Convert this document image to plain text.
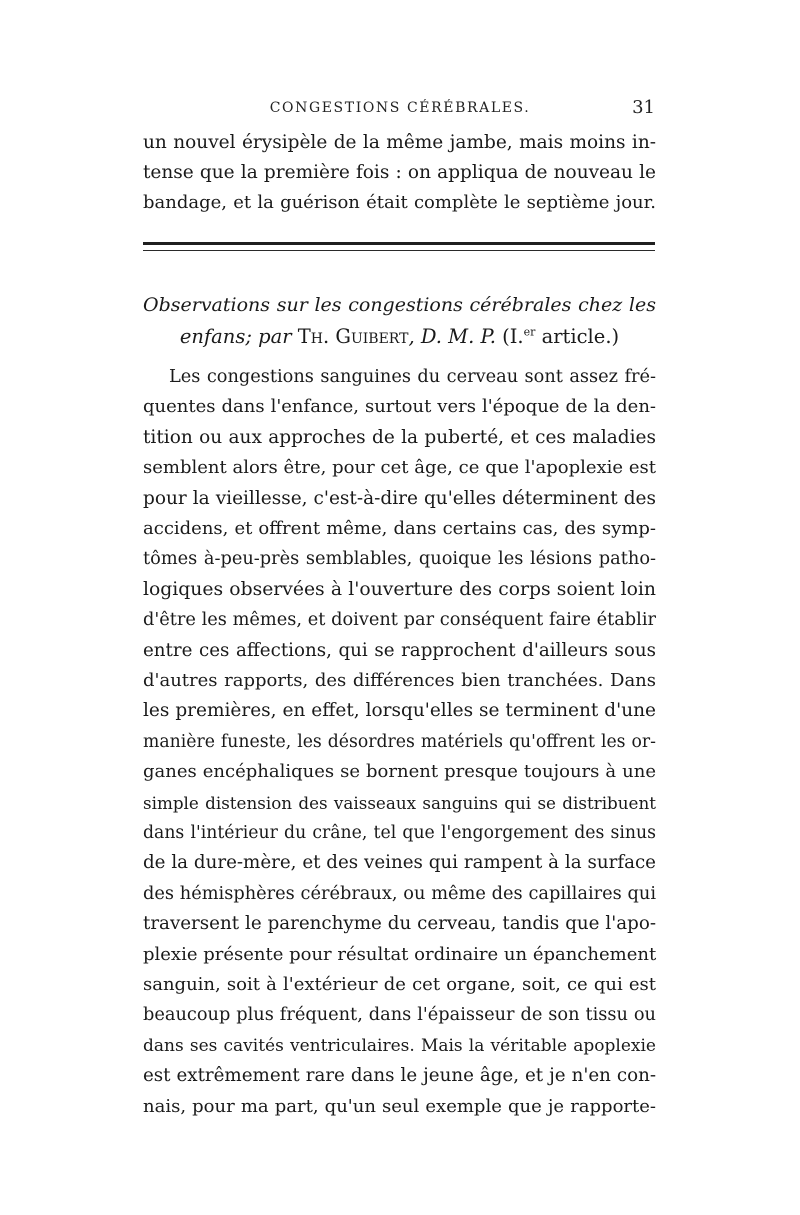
CONGESTIONS CÉRÉBRALES.	31
un nouvel érysipèle de la même jambe, mais moins in-
tense que la première fois : on appliqua de nouveau le
bandage, et la guérison était complète le septième jour.
Observations sur les congestions cérébrales chez les
enfans; par Th. Guibert, D. M. P. (I.$^{er}$ article.)
Les congestions sanguines du cerveau sont assez fré-
quentes dans l'enfance, surtout vers l'époque de la den-
tition ou aux approches de la puberté, et ces maladies
semblent alors être, pour cet âge, ce que l'apoplexie est
pour la vieillesse, c'est-à-dire qu'elles déterminent des
accidens, et offrent même, dans certains cas, des symp-
tômes à-peu-près semblables, quoique les lésions patho-
logiques observées à l'ouverture des corps soient loin
d'être les mêmes, et doivent par conséquent faire établir
entre ces affections, qui se rapprochent d'ailleurs sous
d'autres rapports, des différences bien tranchées. Dans
les premières, en effet, lorsqu'elles se terminent d'une
manière funeste, les désordres matériels qu'offrent les or-
ganes encéphaliques se bornent presque toujours à une
simple distension des vaisseaux sanguins qui se distribuent
dans l'intérieur du crâne, tel que l'engorgement des sinus
de la dure-mère, et des veines qui rampent à la surface
des hémisphères cérébraux, ou même des capillaires qui
traversent le parenchyme du cerveau, tandis que l'apo-
plexie présente pour résultat ordinaire un épanchement
sanguin, soit à l'extérieur de cet organe, soit, ce qui est
beaucoup plus fréquent, dans l'épaisseur de son tissu ou
dans ses cavités ventriculaires. Mais la véritable apoplexie
est extrêmement rare dans le jeune âge, et je n'en con-
nais, pour ma part, qu'un seul exemple que je rapporte-
